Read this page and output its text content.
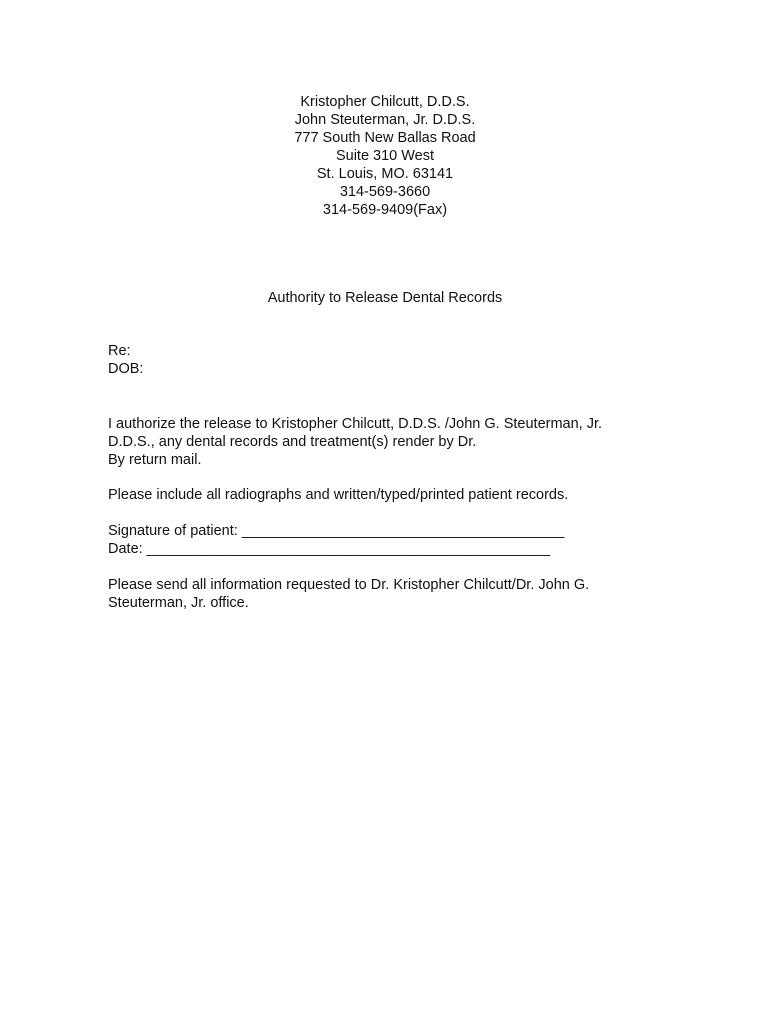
Kristopher Chilcutt, D.D.S.
John Steuterman, Jr. D.D.S.
777 South New Ballas Road
Suite 310 West
St. Louis, MO. 63141
314-569-3660
314-569-9409(Fax)
Authority to Release Dental Records
Re:
DOB:
I authorize the release to Kristopher Chilcutt, D.D.S. /John G. Steuterman, Jr.
D.D.S., any dental records and treatment(s) render by Dr.
By return mail.
Please include all radiographs and written/typed/printed patient records.
Signature of patient: ________________________________________
Date: __________________________________________________
Please send all information requested to Dr. Kristopher Chilcutt/Dr. John G.
Steuterman, Jr. office.
